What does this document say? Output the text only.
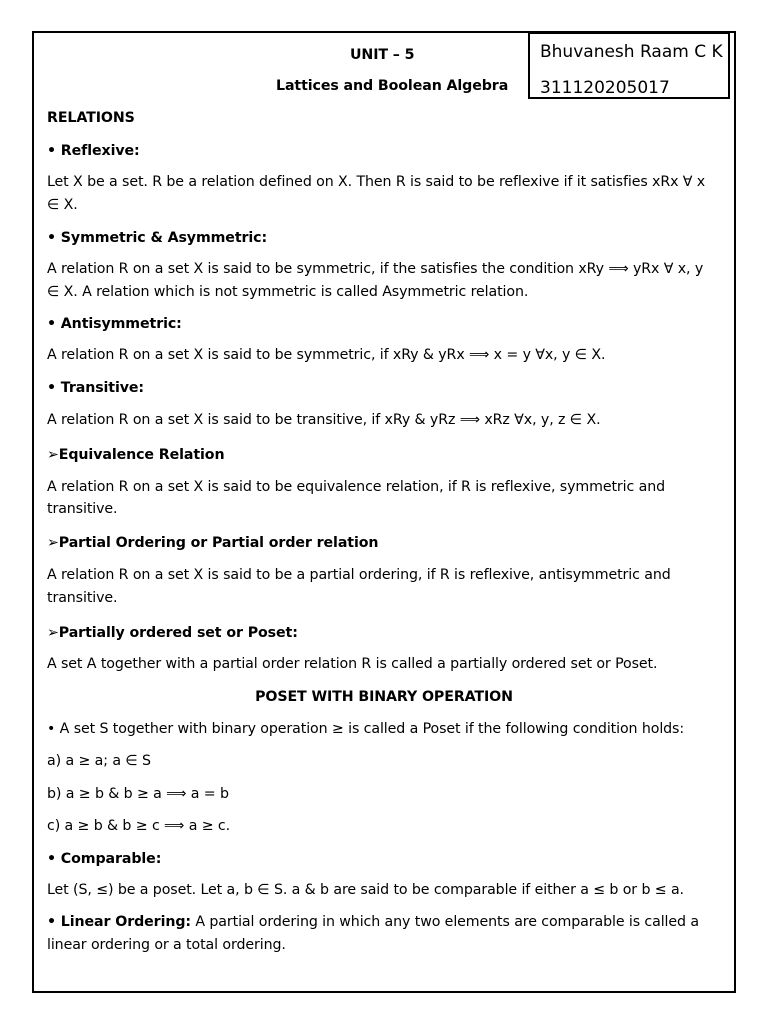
Bhuvanesh Raam C K
311120205017
UNIT – 5
Lattices and Boolean Algebra
RELATIONS
• Reflexive:
Let X be a set. R be a relation defined on X. Then R is said to be reflexive if it satisfies xRx ∀ x
∈ X.
• Symmetric & Asymmetric:
A relation R on a set X is said to be symmetric, if the satisfies the condition xRy ⟹ yRx ∀ x, y
∈ X. A relation which is not symmetric is called Asymmetric relation.
• Antisymmetric:
A relation R on a set X is said to be symmetric, if xRy & yRx ⟹ x = y ∀x, y ∈ X.
• Transitive:
A relation R on a set X is said to be transitive, if xRy & yRz ⟹ xRz ∀x, y, z ∈ X.
➢Equivalence Relation
A relation R on a set X is said to be equivalence relation, if R is reflexive, symmetric and
transitive.
➢Partial Ordering or Partial order relation
A relation R on a set X is said to be a partial ordering, if R is reflexive, antisymmetric and
transitive.
➢Partially ordered set or Poset:
A set A together with a partial order relation R is called a partially ordered set or Poset.
POSET WITH BINARY OPERATION
• A set S together with binary operation ≥ is called a Poset if the following condition holds:
a) a ≥ a; a ∈ S
b) a ≥ b & b ≥ a ⟹ a = b
c) a ≥ b & b ≥ c ⟹ a ≥ c.
• Comparable:
Let (S, ≤) be a poset. Let a, b ∈ S. a & b are said to be comparable if either a ≤ b or b ≤ a.
• Linear Ordering: A partial ordering in which any two elements are comparable is called a
linear ordering or a total ordering.
